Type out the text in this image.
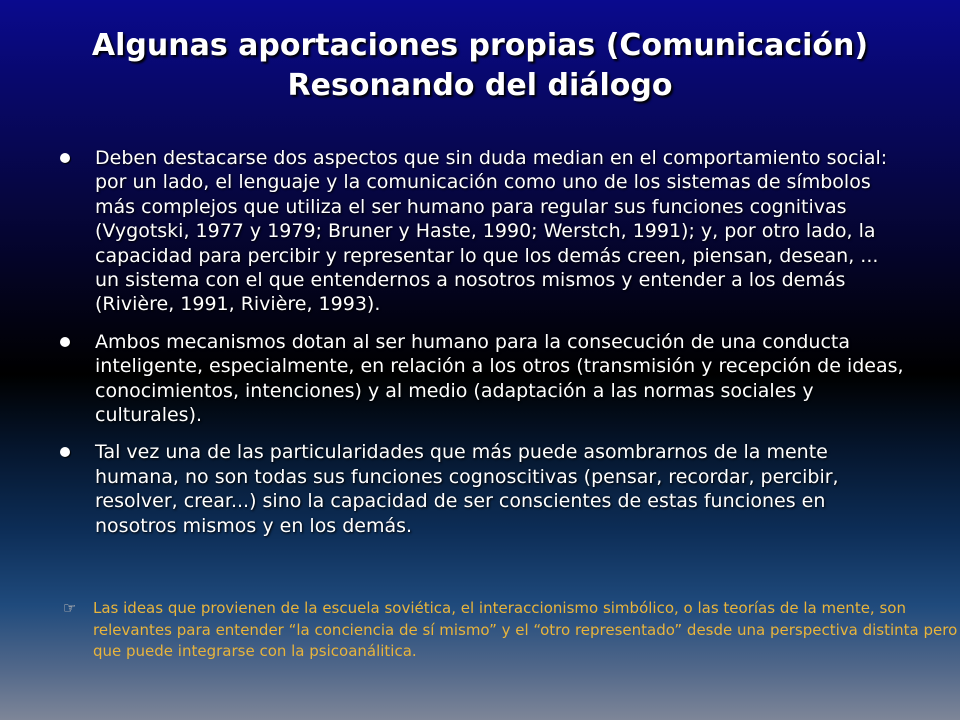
Algunas aportaciones propias (Comunicación)
Resonando del diálogo
Deben destacarse dos aspectos que sin duda median en el comportamiento social: por un lado, el lenguaje y la comunicación como uno de los sistemas de símbolos más complejos que utiliza el ser humano para regular sus funciones cognitivas (Vygotski, 1977 y 1979; Bruner y Haste, 1990; Werstch, 1991); y, por otro lado, la capacidad para percibir y representar lo que los demás creen, piensan, desean, ... un sistema con el que entendernos a nosotros mismos y entender a los demás (Rivière, 1991, Rivière, 1993).
Ambos mecanismos dotan al ser humano para la consecución de una conducta inteligente, especialmente, en relación a los otros (transmisión y recepción de ideas, conocimientos, intenciones) y al medio (adaptación a las normas sociales y culturales).
Tal vez una de las particularidades que más puede asombrarnos de la mente humana, no son todas sus funciones cognoscitivas (pensar, recordar, percibir, resolver, crear...) sino la capacidad de ser conscientes de estas funciones en nosotros mismos y en los demás.
☞ Las ideas que provienen de la escuela soviética, el interaccionismo simbólico, o las teorías de la mente, son relevantes para entender “la conciencia de sí mismo” y el “otro representado” desde una perspectiva distinta pero que puede integrarse con la psicoanálitica.
